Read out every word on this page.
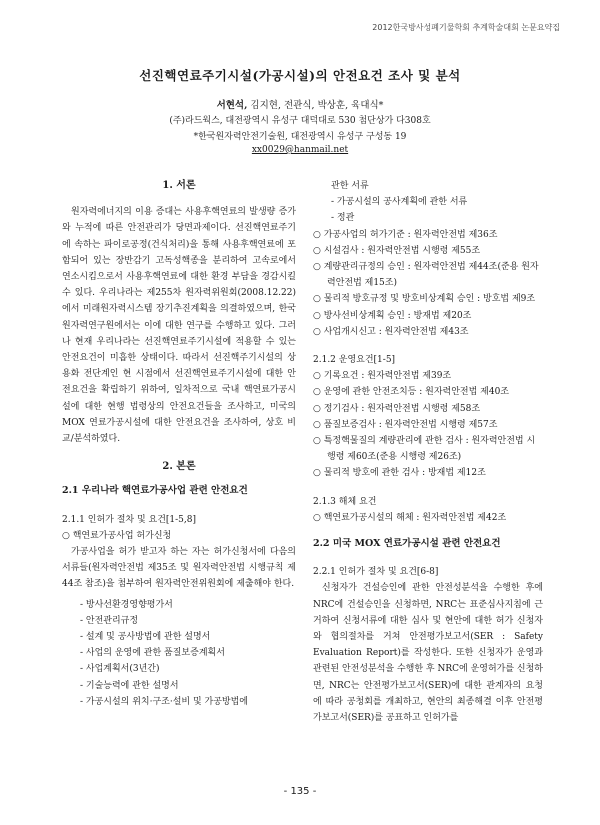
2012한국방사성폐기물학회 추계학술대회 논문요약집
선진핵연료주기시설(가공시설)의 안전요건 조사 및 분석
서현석, 김지현, 전관식, 박상훈, 육대식*
(주)라드웍스, 대전광역시 유성구 대덕대로 530 첨단상가 다308호
*한국원자력안전기술원, 대전광역시 유성구 구성동 19
xx0029@hanmail.net

1. 서론

원자력에너지의 이용 증대는 사용후핵연료의 발생량 증가와 누적에 따른 안전관리가 당면과제이다. 선진핵연료주기에 속하는 파이로공정(건식처리)을 통해 사용후핵연료에 포함되어 있는 장반감기 고독성핵종을 분리하여 고속로에서 연소시킴으로서 사용후핵연료에 대한 환경 부담을 경감시킬 수 있다. 우리나라는 제255차 원자력위원회(2008.12.22)에서 미래원자력시스템 장기추진계획을 의결하였으며, 한국원자력연구원에서는 이에 대한 연구를 수행하고 있다. 그러나 현재 우리나라는 선진핵연료주기시설에 적용할 수 있는 안전요건이 미흡한 상태이다. 따라서 선진핵주기시설의 상용화 전단계인 현 시점에서 선진핵연료주기시설에 대한 안전요건을 확립하기 위하여, 일차적으로 국내 핵연료가공시설에 대한 현행 법령상의 안전요건들을 조사하고, 미국의 MOX 연료가공시설에 대한 안전요건을 조사하여, 상호 비교/분석하였다.

2. 본론

2.1 우리나라 핵연료가공사업 관련 안전요건

2.1.1 인허가 절차 및 요건[1-5,8]

○ 핵연료가공사업 허가신청

가공사업을 허가 받고자 하는 자는 허가신청서에 다음의 서류들(원자력안전법 제35조 및 원자력안전법 시행규칙 제44조 참조)을 첨부하여 원자력안전위원회에 제출해야 한다.

- 방사선환경영향평가서

- 안전관리규정

- 설계 및 공사방법에 관한 설명서

- 사업의 운영에 관한 품질보증계획서

- 사업계획서(3년간)

- 기술능력에 관한 설명서

- 가공시설의 위치·구조·설비 및 가공방법에

관한 서류

- 가공시설의 공사계획에 관한 서류

- 정관

○ 가공사업의 허가기준 : 원자력안전법 제36조

○ 시설검사 : 원자력안전법 시행령 제55조

○ 계량관리규정의 승인 : 원자력안전법 제44조(준용 원자력안전법 제15조)

○ 물리적 방호규정 및 방호비상계획 승인 : 방호법 제9조

○ 방사선비상계획 승인 : 방재법 제20조

○ 사업개시신고 : 원자력안전법 제43조

2.1.2 운영요건[1-5]

○ 기록요건 : 원자력안전법 제39조

○ 운영에 관한 안전조치등 : 원자력안전법 제40조

○ 정기검사 : 원자력안전법 시행령 제58조

○ 품질보증검사 : 원자력안전법 시행령 제57조

○ 특정핵물질의 계량관리에 관한 검사 : 원자력안전법 시행령 제60조(준용 시행령 제26조)

○ 물리적 방호에 관한 검사 : 방재법 제12조

2.1.3 해체 요건

○ 핵연료가공시설의 해체 : 원자력안전법 제42조

2.2 미국 MOX 연료가공시설 관련 안전요건

2.2.1 인허가 절차 및 요건[6-8]

신청자가 건설승인에 관한 안전성분석을 수행한 후에 NRC에 건설승인을 신청하면, NRC는 표준심사지침에 근거하여 신청서류에 대한 심사 및 현안에 대한 허가 신청자와 협의절차를 거쳐 안전평가보고서(SER : Safety Evaluation Report)를 작성한다. 또한 신청자가 운영과 관련된 안전성분석을 수행한 후 NRC에 운영허가를 신청하면, NRC는 안전평가보고서(SER)에 대한 관계자의 요청에 따라 공청회를 개최하고, 현안의 최종해결 이후 안전평가보고서(SER)를 공표하고 인허가를

- 135 -
